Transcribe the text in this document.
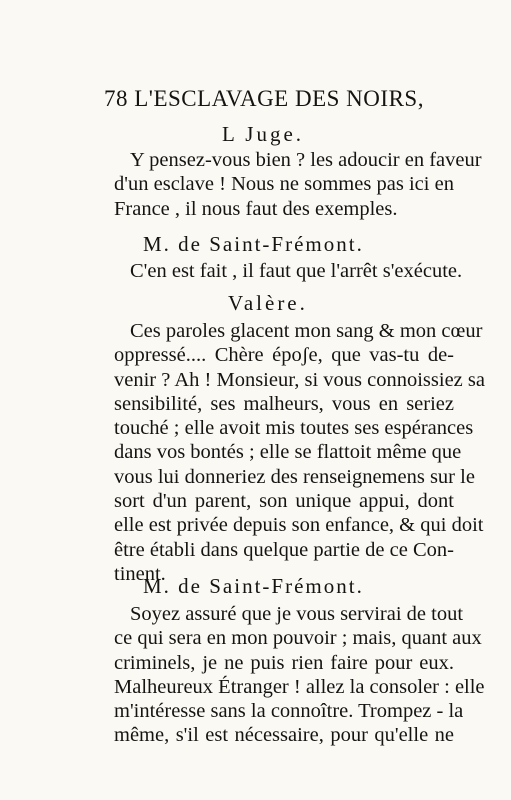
78 L'ESCLAVAGE DES NOIRS,
L Juge.
Y pensez-vous bien ? les adoucir en faveur
d'un esclave ! Nous ne sommes pas ici en
France , il nous faut des exemples.
M. de Saint-Frémont.
C'en est fait , il faut que l'arrêt s'exécute.
Valère.
Ces paroles glacent mon sang & mon cœur
oppressé.... Chère époʃe, que vas-tu de-
venir ? Ah ! Monsieur, si vous connoissiez sa
sensibilité, ses malheurs, vous en seriez
touché ; elle avoit mis toutes ses espérances
dans vos bontés ; elle se flattoit même que
vous lui donneriez des renseignemens sur le
sort d'un parent, son unique appui, dont
elle est privée depuis son enfance, & qui doit
être établi dans quelque partie de ce Con-
tinent.
M. de Saint-Frémont.
Soyez assuré que je vous servirai de tout
ce qui sera en mon pouvoir ; mais, quant aux
criminels, je ne puis rien faire pour eux.
Malheureux Étranger ! allez la consoler : elle
m'intéresse sans la connoître. Trompez - la
même, s'il est nécessaire, pour qu'elle ne
